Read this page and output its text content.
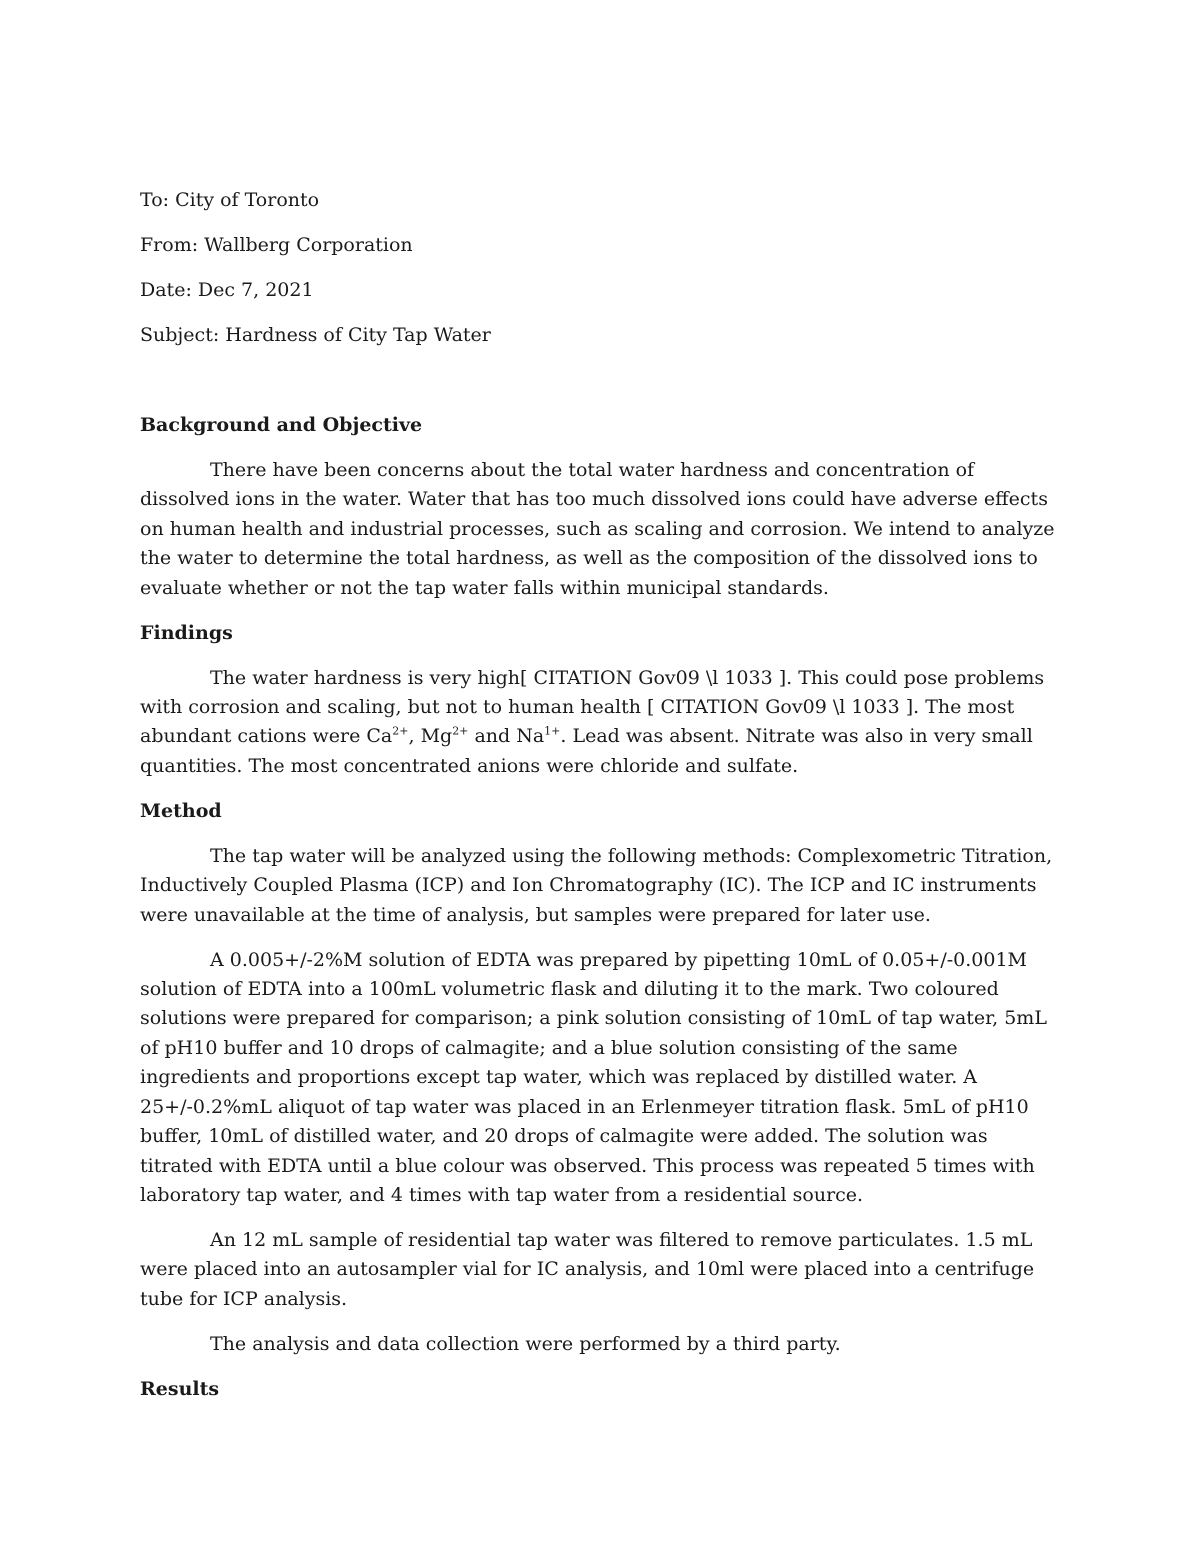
To: City of Toronto
From: Wallberg Corporation
Date: Dec 7, 2021
Subject: Hardness of City Tap Water
Background and Objective

There have been concerns about the total water hardness and concentration of dissolved ions in the water. Water that has too much dissolved ions could have adverse effects on human health and industrial processes, such as scaling and corrosion. We intend to analyze the water to determine the total hardness, as well as the composition of the dissolved ions to evaluate whether or not the tap water falls within municipal standards.

Findings

The water hardness is very high[ CITATION Gov09 \l 1033 ]. This could pose problems with corrosion and scaling, but not to human health [ CITATION Gov09 \l 1033 ]. The most abundant cations were $Ca^{2+}$, $Mg^{2+}$ and $Na^{1+}$. Lead was absent. Nitrate was also in very small quantities. The most concentrated anions were chloride and sulfate.

Method

The tap water will be analyzed using the following methods: Complexometric Titration, Inductively Coupled Plasma (ICP) and Ion Chromatography (IC). The ICP and IC instruments were unavailable at the time of analysis, but samples were prepared for later use.

A 0.005+/-2%M solution of EDTA was prepared by pipetting 10mL of 0.05+/-0.001M solution of EDTA into a 100mL volumetric flask and diluting it to the mark. Two coloured solutions were prepared for comparison; a pink solution consisting of 10mL of tap water, 5mL of pH10 buffer and 10 drops of calmagite; and a blue solution consisting of the same ingredients and proportions except tap water, which was replaced by distilled water. A 25+/-0.2%mL aliquot of tap water was placed in an Erlenmeyer titration flask. 5mL of pH10 buffer, 10mL of distilled water, and 20 drops of calmagite were added. The solution was titrated with EDTA until a blue colour was observed. This process was repeated 5 times with laboratory tap water, and 4 times with tap water from a residential source.

An 12 mL sample of residential tap water was filtered to remove particulates. 1.5 mL were placed into an autosampler vial for IC analysis, and 10ml were placed into a centrifuge tube for ICP analysis.

The analysis and data collection were performed by a third party.

Results
